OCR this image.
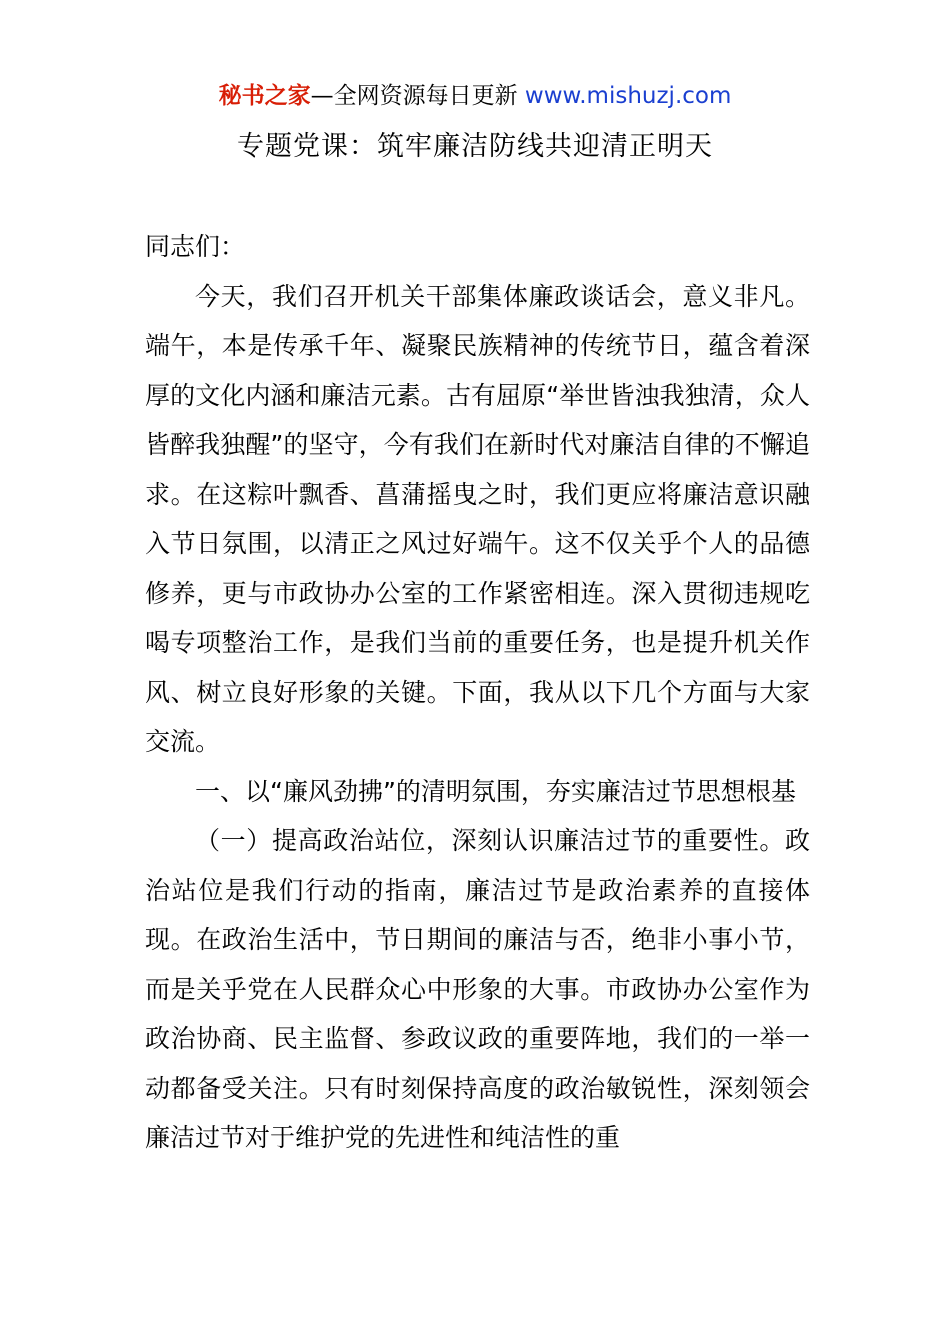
秘书之家—全网资源每日更新 www.mishuzj.com
专题党课：筑牢廉洁防线共迎清正明天

同志们：

今天，我们召开机关干部集体廉政谈话会，意义非凡。端午，本是传承千年、凝聚民族精神的传统节日，蕴含着深厚的文化内涵和廉洁元素。古有屈原“举世皆浊我独清，众人皆醉我独醒”的坚守，今有我们在新时代对廉洁自律的不懈追求。在这粽叶飘香、菖蒲摇曳之时，我们更应将廉洁意识融入节日氛围，以清正之风过好端午。这不仅关乎个人的品德修养，更与市政协办公室的工作紧密相连。深入贯彻违规吃喝专项整治工作，是我们当前的重要任务，也是提升机关作风、树立良好形象的关键。下面，我从以下几个方面与大家交流。

一、以“廉风劲拂”的清明氛围，夯实廉洁过节思想根基

（一）提高政治站位，深刻认识廉洁过节的重要性。政治站位是我们行动的指南，廉洁过节是政治素养的直接体现。在政治生活中，节日期间的廉洁与否，绝非小事小节，而是关乎党在人民群众心中形象的大事。市政协办公室作为政治协商、民主监督、参政议政的重要阵地，我们的一举一动都备受关注。只有时刻保持高度的政治敏锐性，深刻领会廉洁过节对于维护党的先进性和纯洁性的重
